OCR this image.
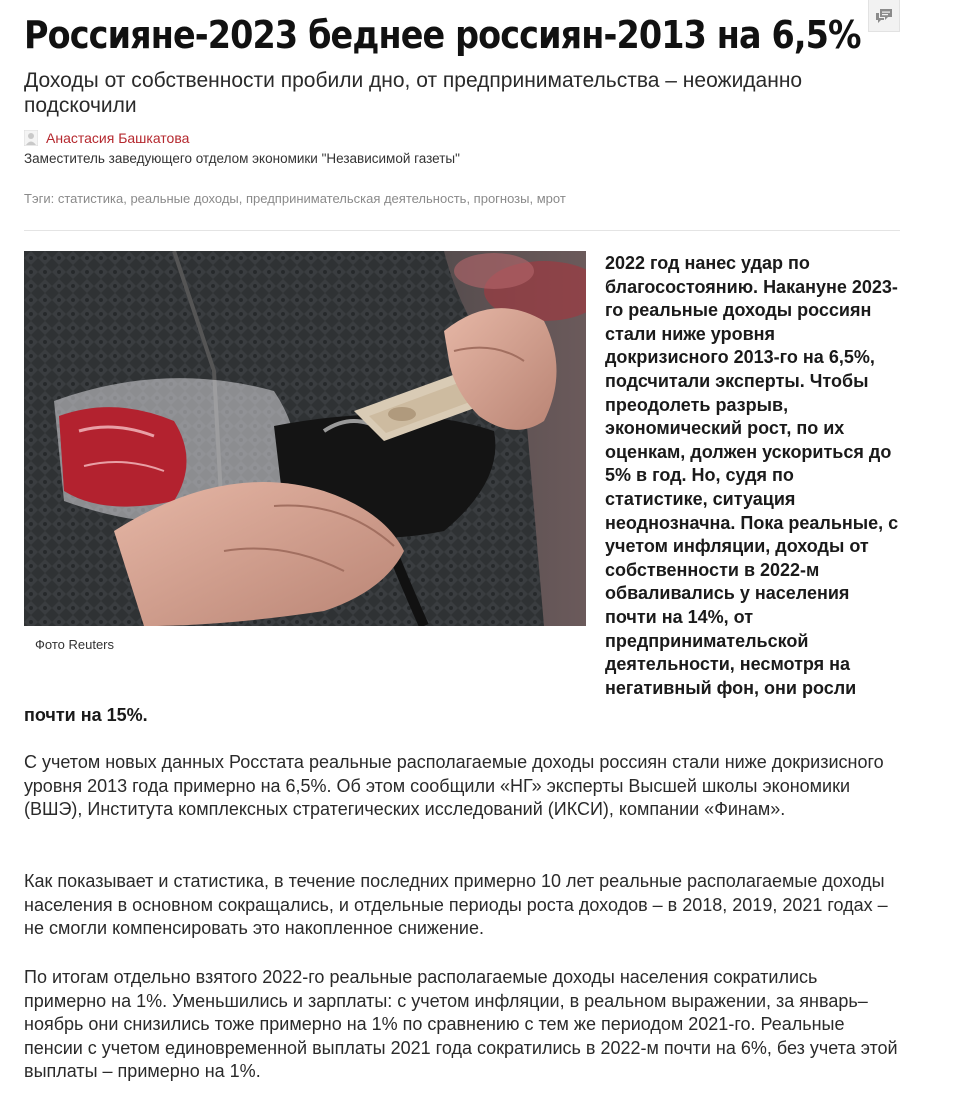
Россияне-2023 беднее россиян-2013 на 6,5%
Доходы от собственности пробили дно, от предпринимательства – неожиданно подскочили
Анастасия Башкатова
Заместитель заведующего отделом экономики "Независимой газеты"
Тэги: статистика, реальные доходы, предпринимательская деятельность, прогнозы, мрот
Фото Reuters
2022 год нанес удар по благосостоянию. Накануне 2023-го реальные доходы россиян стали ниже уровня докризисного 2013-го на 6,5%, подсчитали эксперты. Чтобы преодолеть разрыв, экономический рост, по их оценкам, должен ускориться до 5% в год. Но, судя по статистике, ситуация неоднозначна. Пока реальные, с учетом инфляции, доходы от собственности в 2022-м обваливались у населения почти на 14%, от предпринимательской деятельности, несмотря на негативный фон, они росли
почти на 15%.

С учетом новых данных Росстата реальные располагаемые доходы россиян стали ниже докризисного уровня 2013 года примерно на 6,5%. Об этом сообщили «НГ» эксперты Высшей школы экономики (ВШЭ), Института комплексных стратегических исследований (ИКСИ), компании «Финам».

Как показывает и статистика, в течение последних примерно 10 лет реальные располагаемые доходы населения в основном сокращались, и отдельные периоды роста доходов – в 2018, 2019, 2021 годах – не смогли компенсировать это накопленное снижение.

По итогам отдельно взятого 2022-го реальные располагаемые доходы населения сократились примерно на 1%. Уменьшились и зарплаты: с учетом инфляции, в реальном выражении, за январь–ноябрь они снизились тоже примерно на 1% по сравнению с тем же периодом 2021-го. Реальные пенсии с учетом единовременной выплаты 2021 года сократились в 2022-м почти на 6%, без учета этой выплаты – примерно на 1%.
